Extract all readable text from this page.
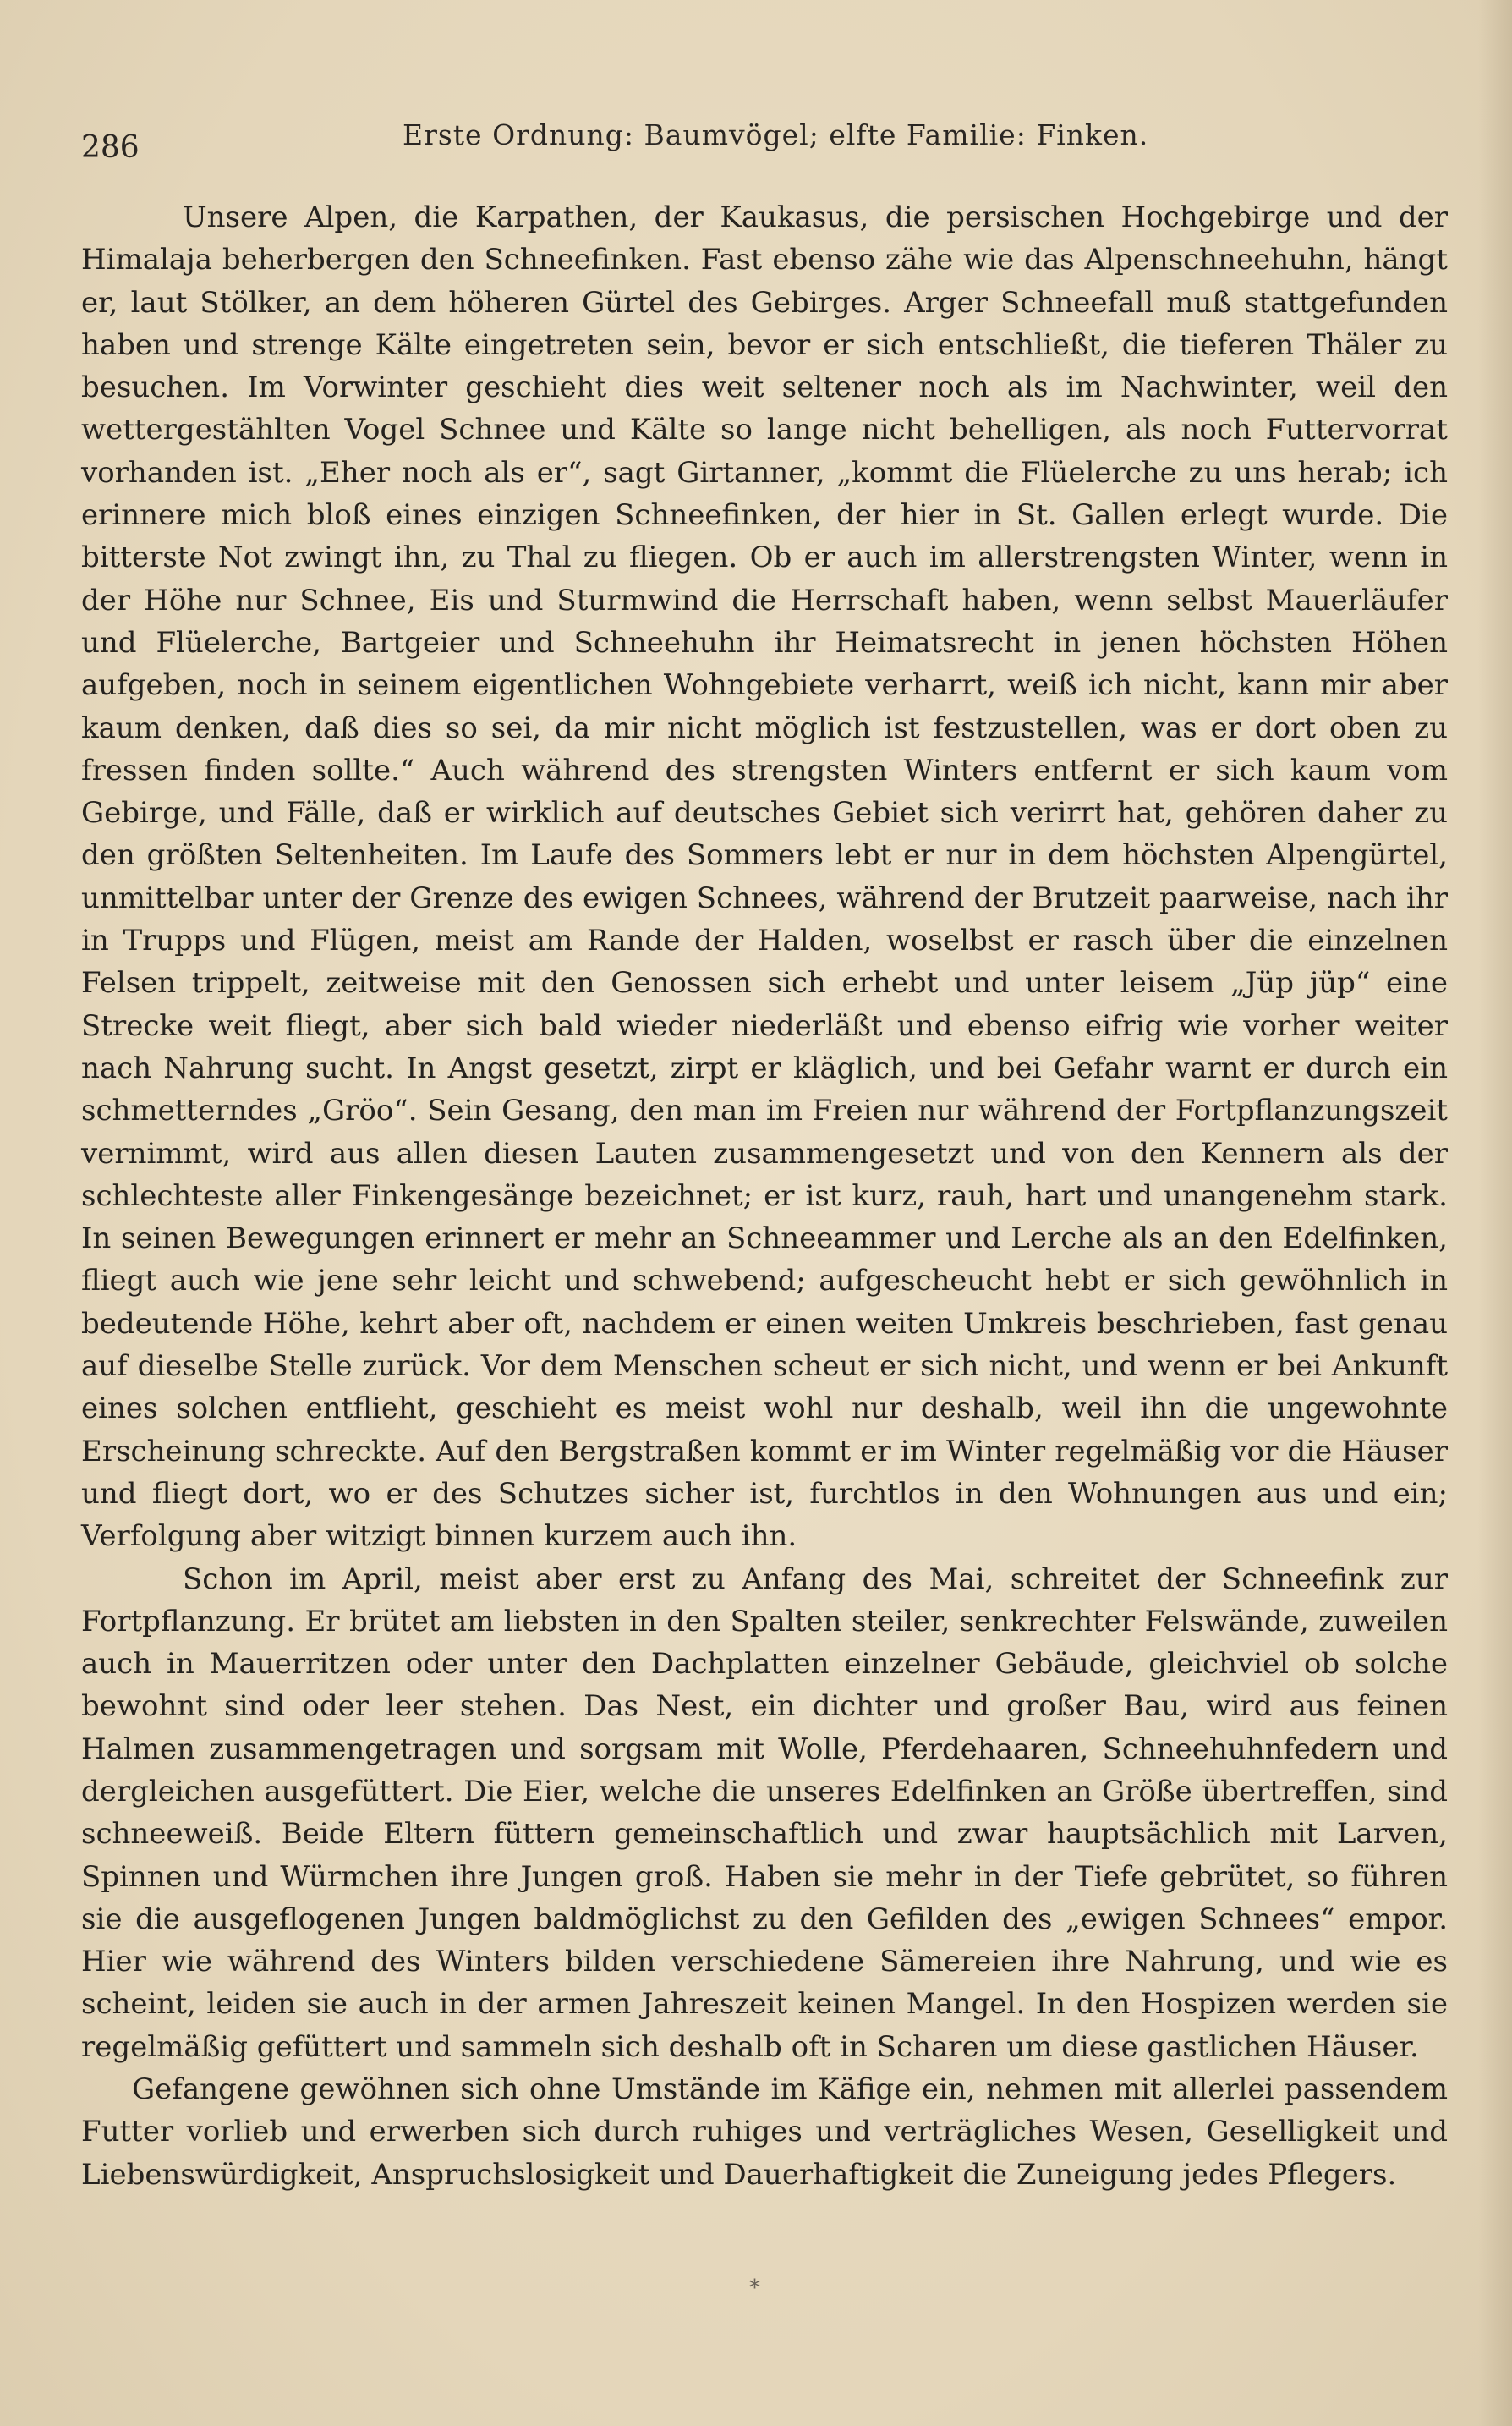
286	Erste Ordnung: Baumvögel; elfte Familie: Finken.

Unsere Alpen, die Karpathen, der Kaukasus, die persischen Hochgebirge und der Himalaja beherbergen den Schneefinken. Fast ebenso zähe wie das Alpenschneehuhn, hängt er, laut Stölker, an dem höheren Gürtel des Gebirges. Arger Schneefall muß stattgefunden haben und strenge Kälte eingetreten sein, bevor er sich entschließt, die tieferen Thäler zu besuchen. Im Vorwinter geschieht dies weit seltener noch als im Nachwinter, weil den wettergestählten Vogel Schnee und Kälte so lange nicht behelligen, als noch Futtervorrat vorhanden ist. „Eher noch als er“, sagt Girtanner, „kommt die Flüelerche zu uns herab; ich erinnere mich bloß eines einzigen Schneefinken, der hier in St. Gallen erlegt wurde. Die bitterste Not zwingt ihn, zu Thal zu fliegen. Ob er auch im allerstrengsten Winter, wenn in der Höhe nur Schnee, Eis und Sturmwind die Herrschaft haben, wenn selbst Mauerläufer und Flüelerche, Bartgeier und Schneehuhn ihr Heimatsrecht in jenen höchsten Höhen aufgeben, noch in seinem eigentlichen Wohngebiete verharrt, weiß ich nicht, kann mir aber kaum denken, daß dies so sei, da mir nicht möglich ist festzustellen, was er dort oben zu fressen finden sollte.“ Auch während des strengsten Winters entfernt er sich kaum vom Gebirge, und Fälle, daß er wirklich auf deutsches Gebiet sich verirrt hat, gehören daher zu den größten Seltenheiten. Im Laufe des Sommers lebt er nur in dem höchsten Alpengürtel, unmittelbar unter der Grenze des ewigen Schnees, während der Brutzeit paarweise, nach ihr in Trupps und Flügen, meist am Rande der Halden, woselbst er rasch über die einzelnen Felsen trippelt, zeitweise mit den Genossen sich erhebt und unter leisem „Jüp jüp“ eine Strecke weit fliegt, aber sich bald wieder niederläßt und ebenso eifrig wie vorher weiter nach Nahrung sucht. In Angst gesetzt, zirpt er kläglich, und bei Gefahr warnt er durch ein schmetterndes „Gröo“. Sein Gesang, den man im Freien nur während der Fortpflanzungszeit vernimmt, wird aus allen diesen Lauten zusammengesetzt und von den Kennern als der schlechteste aller Finkengesänge bezeichnet; er ist kurz, rauh, hart und unangenehm stark. In seinen Bewegungen erinnert er mehr an Schneeammer und Lerche als an den Edelfinken, fliegt auch wie jene sehr leicht und schwebend; aufgescheucht hebt er sich gewöhnlich in bedeutende Höhe, kehrt aber oft, nachdem er einen weiten Umkreis beschrieben, fast genau auf dieselbe Stelle zurück. Vor dem Menschen scheut er sich nicht, und wenn er bei Ankunft eines solchen entflieht, geschieht es meist wohl nur deshalb, weil ihn die ungewohnte Erscheinung schreckte. Auf den Bergstraßen kommt er im Winter regelmäßig vor die Häuser und fliegt dort, wo er des Schutzes sicher ist, furchtlos in den Wohnungen aus und ein; Verfolgung aber witzigt binnen kurzem auch ihn.

Schon im April, meist aber erst zu Anfang des Mai, schreitet der Schneefink zur Fortpflanzung. Er brütet am liebsten in den Spalten steiler, senkrechter Felswände, zuweilen auch in Mauerritzen oder unter den Dachplatten einzelner Gebäude, gleichviel ob solche bewohnt sind oder leer stehen. Das Nest, ein dichter und großer Bau, wird aus feinen Halmen zusammengetragen und sorgsam mit Wolle, Pferdehaaren, Schneehuhnfedern und dergleichen ausgefüttert. Die Eier, welche die unseres Edelfinken an Größe übertreffen, sind schneeweiß. Beide Eltern füttern gemeinschaftlich und zwar hauptsächlich mit Larven, Spinnen und Würmchen ihre Jungen groß. Haben sie mehr in der Tiefe gebrütet, so führen sie die ausgeflogenen Jungen baldmöglichst zu den Gefilden des „ewigen Schnees“ empor. Hier wie während des Winters bilden verschiedene Sämereien ihre Nahrung, und wie es scheint, leiden sie auch in der armen Jahreszeit keinen Mangel. In den Hospizen werden sie regelmäßig gefüttert und sammeln sich deshalb oft in Scharen um diese gastlichen Häuser.

Gefangene gewöhnen sich ohne Umstände im Käfige ein, nehmen mit allerlei passendem Futter vorlieb und erwerben sich durch ruhiges und verträgliches Wesen, Geselligkeit und Liebenswürdigkeit, Anspruchslosigkeit und Dauerhaftigkeit die Zuneigung jedes Pflegers.

*
